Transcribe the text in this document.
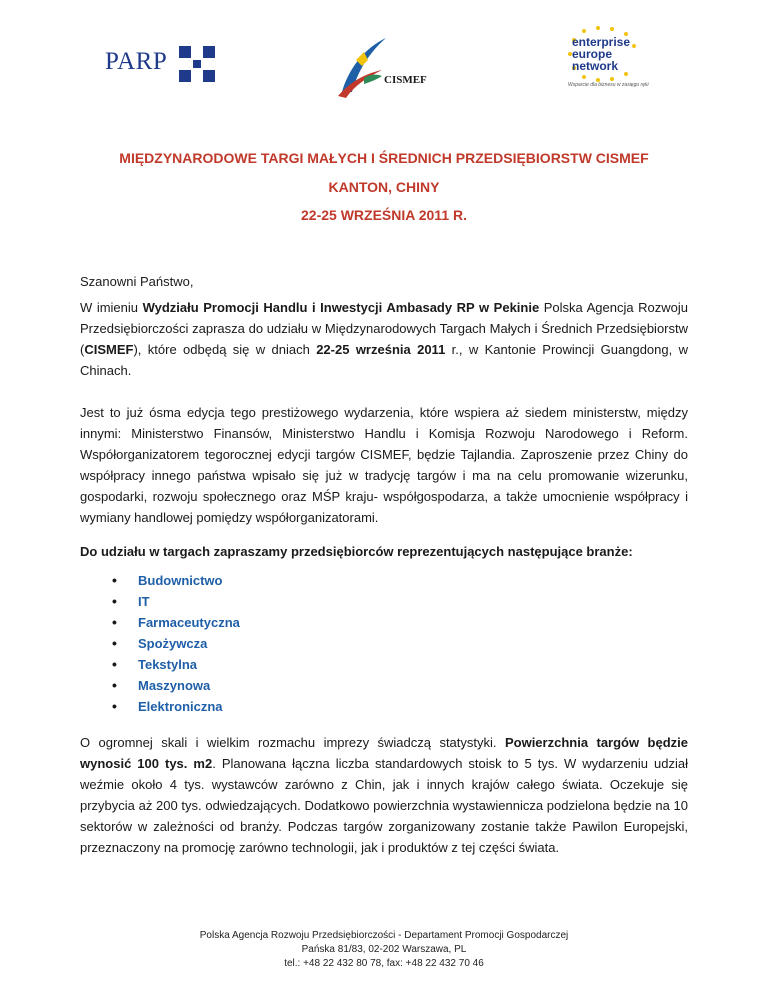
PARP
CISMEF
enterprise
europe
network
Wsparcie dla biznesu w zasięgu ręki
MIĘDZYNARODOWE TARGI MAŁYCH I ŚREDNICH PRZEDSIĘBIORSTW CISMEF
KANTON, CHINY
22-25 WRZEŚNIA 2011 R.
Szanowni Państwo,
W imieniu Wydziału Promocji Handlu i Inwestycji Ambasady RP w Pekinie Polska Agencja Rozwoju Przedsiębiorczości zaprasza do udziału w Międzynarodowych Targach Małych i Średnich Przedsiębiorstw (CISMEF), które odbędą się w dniach 22-25 września 2011 r., w Kantonie Prowincji Guangdong, w Chinach.
Jest to już ósma edycja tego prestiżowego wydarzenia, które wspiera aż siedem ministerstw, między innymi: Ministerstwo Finansów, Ministerstwo Handlu i Komisja Rozwoju Narodowego i Reform. Współorganizatorem tegorocznej edycji targów CISMEF, będzie Tajlandia. Zaproszenie przez Chiny do współpracy innego państwa wpisało się już w tradycję targów i ma na celu promowanie wizerunku, gospodarki, rozwoju społecznego oraz MŚP kraju- współgospodarza, a także umocnienie współpracy i wymiany handlowej pomiędzy współorganizatorami.
Do udziału w targach zapraszamy przedsiębiorców reprezentujących następujące branże:
• Budownictwo
• IT
• Farmaceutyczna
• Spożywcza
• Tekstylna
• Maszynowa
• Elektroniczna
O ogromnej skali i wielkim rozmachu imprezy świadczą statystyki. Powierzchnia targów będzie wynosić 100 tys. m2. Planowana łączna liczba standardowych stoisk to 5 tys. W wydarzeniu udział weźmie około 4 tys. wystawców zarówno z Chin, jak i innych krajów całego świata. Oczekuje się przybycia aż 200 tys. odwiedzających. Dodatkowo powierzchnia wystawiennicza podzielona będzie na 10 sektorów w zależności od branży. Podczas targów zorganizowany zostanie także Pawilon Europejski, przeznaczony na promocję zarówno technologii, jak i produktów z tej części świata.
Polska Agencja Rozwoju Przedsiębiorczości - Departament Promocji Gospodarczej
Pańska 81/83, 02-202 Warszawa, PL
tel.: +48 22 432 80 78, fax: +48 22 432 70 46
